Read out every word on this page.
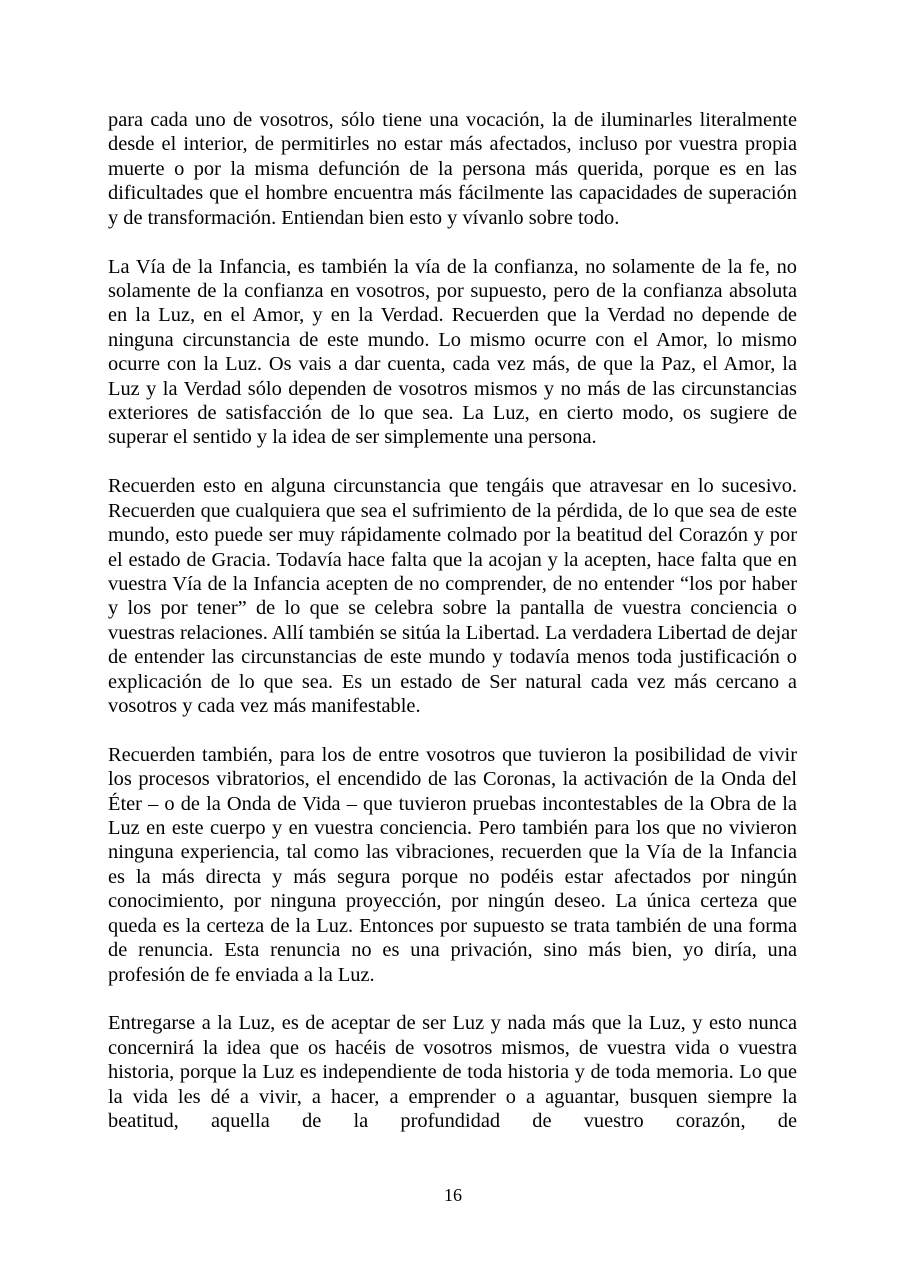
para cada uno de vosotros, sólo tiene una vocación, la de iluminarles literalmente desde el interior, de permitirles no estar más afectados, incluso por vuestra propia muerte o por la misma defunción de la persona más querida, porque es en las dificultades que el hombre encuentra más fácilmente las capacidades de superación y de transformación. Entiendan bien esto y vívanlo sobre todo.

La Vía de la Infancia, es también la vía de la confianza, no solamente de la fe, no solamente de la confianza en vosotros, por supuesto, pero de la confianza absoluta en la Luz, en el Amor, y en la Verdad. Recuerden que la Verdad no depende de ninguna circunstancia de este mundo. Lo mismo ocurre con el Amor, lo mismo ocurre con la Luz. Os vais a dar cuenta, cada vez más, de que la Paz, el Amor, la Luz y la Verdad sólo dependen de vosotros mismos y no más de las circunstancias exteriores de satisfacción de lo que sea. La Luz, en cierto modo, os sugiere de superar el sentido y la idea de ser simplemente una persona.

Recuerden esto en alguna circunstancia que tengáis que atravesar en lo sucesivo. Recuerden que cualquiera que sea el sufrimiento de la pérdida, de lo que sea de este mundo, esto puede ser muy rápidamente colmado por la beatitud del Corazón y por el estado de Gracia. Todavía hace falta que la acojan y la acepten, hace falta que en vuestra Vía de la Infancia acepten de no comprender, de no entender “los por haber y los por tener” de lo que se celebra sobre la pantalla de vuestra conciencia o vuestras relaciones. Allí también se sitúa la Libertad. La verdadera Libertad de dejar de entender las circunstancias de este mundo y todavía menos toda justificación o explicación de lo que sea. Es un estado de Ser natural cada vez más cercano a vosotros y cada vez más manifestable.

Recuerden también, para los de entre vosotros que tuvieron la posibilidad de vivir los procesos vibratorios, el encendido de las Coronas, la activación de la Onda del Éter – o de la Onda de Vida – que tuvieron pruebas incontestables de la Obra de la Luz en este cuerpo y en vuestra conciencia. Pero también para los que no vivieron ninguna experiencia, tal como las vibraciones, recuerden que la Vía de la Infancia es la más directa y más segura porque no podéis estar afectados por ningún conocimiento, por ninguna proyección, por ningún deseo. La única certeza que queda es la certeza de la Luz. Entonces por supuesto se trata también de una forma de renuncia. Esta renuncia no es una privación, sino más bien, yo diría, una profesión de fe enviada a la Luz.

Entregarse a la Luz, es de aceptar de ser Luz y nada más que la Luz, y esto nunca concernirá la idea que os hacéis de vosotros mismos, de vuestra vida o vuestra historia, porque la Luz es independiente de toda historia y de toda memoria. Lo que la vida les dé a vivir, a hacer, a emprender o a aguantar, busquen siempre la beatitud, aquella de la profundidad de vuestro corazón, de

16
